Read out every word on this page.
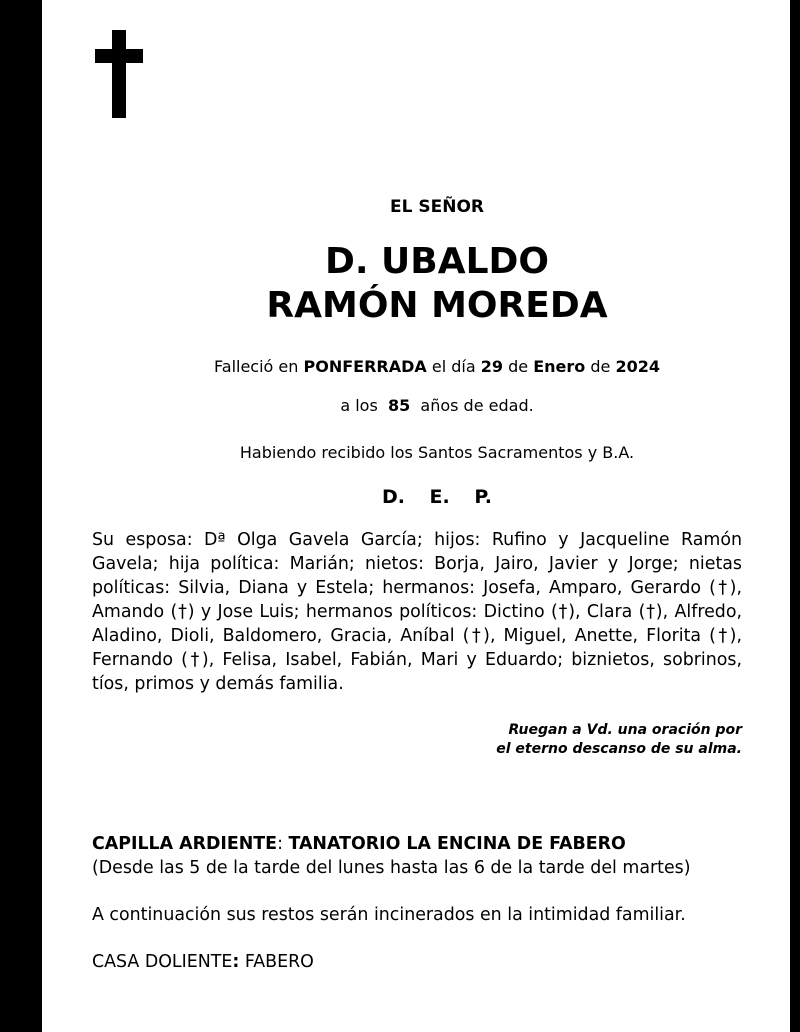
EL SEÑOR
D. UBALDO
RAMÓN MOREDA
Falleció en PONFERRADA el día 29 de Enero de 2024
a los 85 años de edad.
Habiendo recibido los Santos Sacramentos y B.A.
D. E. P.
Su esposa: Dª Olga Gavela García; hijos: Rufino y Jacqueline Ramón Gavela; hija política: Marián; nietos: Borja, Jairo, Javier y Jorge; nietas políticas: Silvia, Diana y Estela; hermanos: Josefa, Amparo, Gerardo (†), Amando (†) y Jose Luis; hermanos políticos: Dictino (†), Clara (†), Alfredo, Aladino, Dioli, Baldomero, Gracia, Aníbal (†), Miguel, Anette, Florita (†), Fernando (†), Felisa, Isabel, Fabián, Mari y Eduardo; biznietos, sobrinos, tíos, primos y demás familia.
Ruegan a Vd. una oración por
el eterno descanso de su alma.
CAPILLA ARDIENTE: TANATORIO LA ENCINA DE FABERO
(Desde las 5 de la tarde del lunes hasta las 6 de la tarde del martes)
A continuación sus restos serán incinerados en la intimidad familiar.
CASA DOLIENTE: FABERO
